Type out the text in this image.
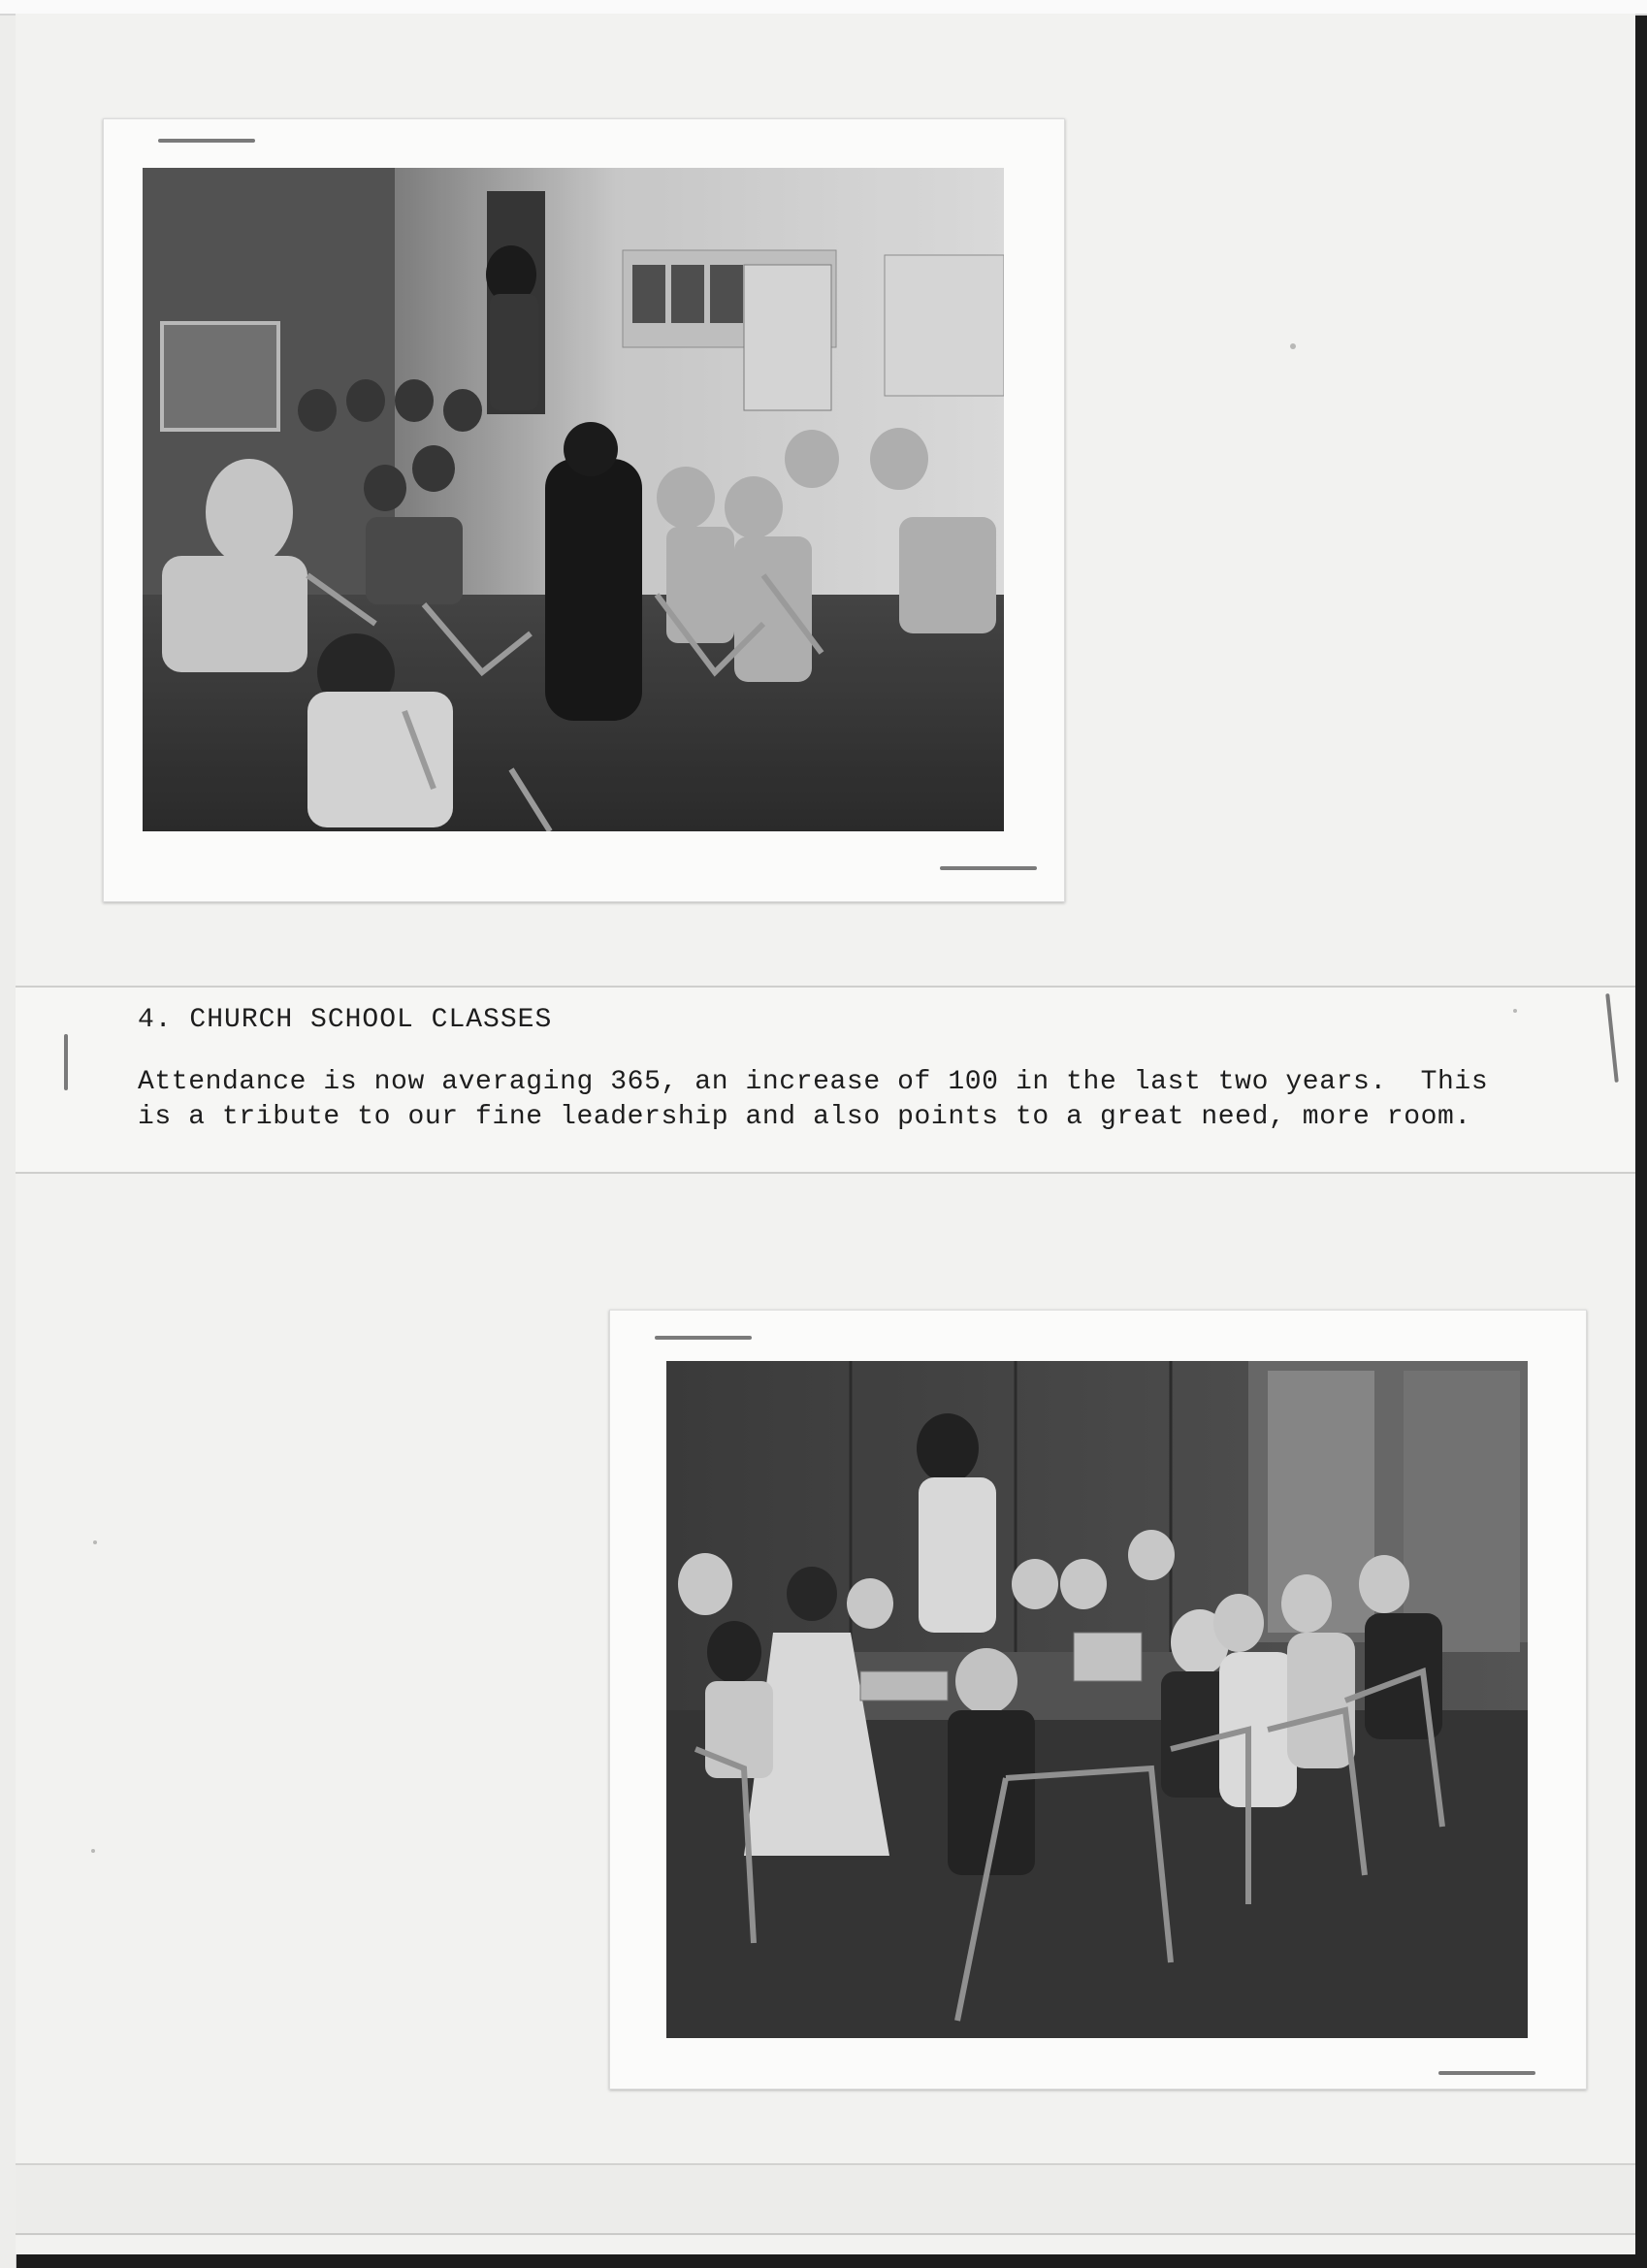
4. CHURCH SCHOOL CLASSES
Attendance is now averaging 365, an increase of 100 in the last two years.  This
is a tribute to our fine leadership and also points to a great need, more room.
